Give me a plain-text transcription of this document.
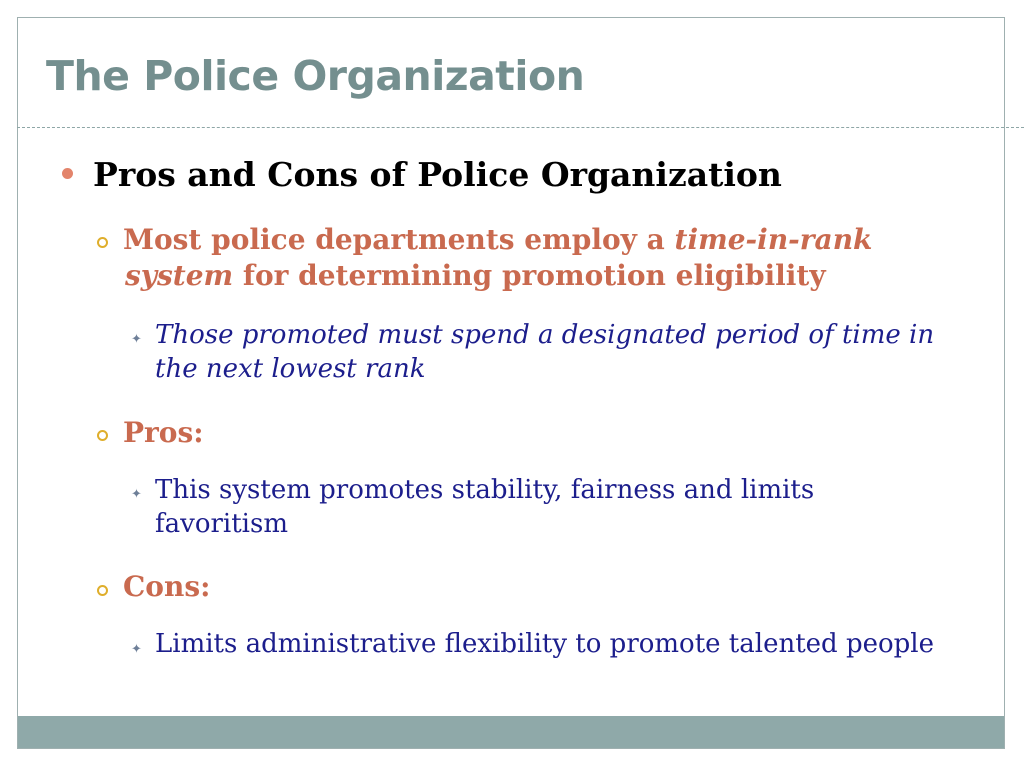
The Police Organization
Pros and Cons of Police Organization
Most police departments employ a time-in-rank
system for determining promotion eligibility
✦ Those promoted must spend a designated period of time in
the next lowest rank
Pros:
✦ This system promotes stability, fairness and limits
favoritism
Cons:
✦ Limits administrative flexibility to promote talented people
